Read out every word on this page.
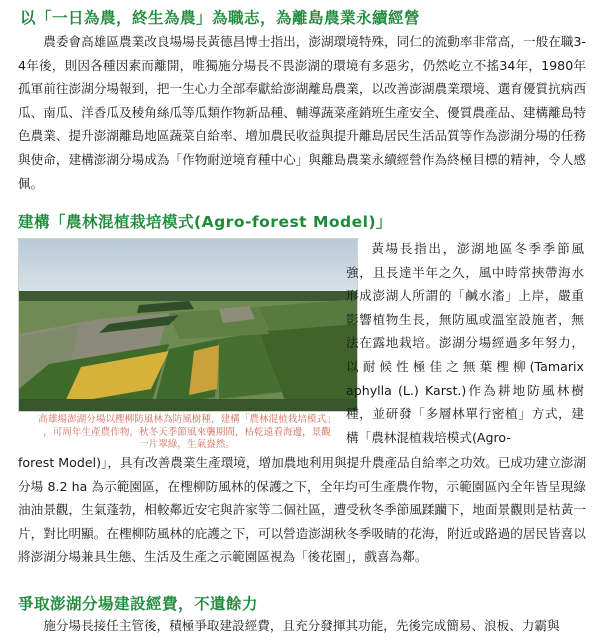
以「一日為農，終生為農」為職志，為離島農業永續經營
農委會高雄區農業改良場場長黃德昌博士指出，澎湖環境特殊，同仁的流動率非常高，一般在職3-4年後，則因各種因素而離開，唯獨施分場長不畏澎湖的環境有多惡劣，仍然屹立不搖34年，1980年孤軍前往澎湖分場報到，把一生心力全部奉獻給澎湖離島農業，以改善澎湖農業環境、選育優質抗病西瓜、南瓜、洋香瓜及稜角絲瓜等瓜類作物新品種、輔導蔬菜產銷班生產安全、優質農產品、建構離島特色農業、提升澎湖離島地區蔬菜自給率、增加農民收益與提升離島居民生活品質等作為澎湖分場的任務與使命，建構澎湖分場成為「作物耐逆境育種中心」與離島農業永續經營作為終極目標的精神，令人感佩。
建構「農林混植栽培模式(Agro-forest Model)」
高雄場澎湖分場以檉柳防風林為防風樹種，建構「農林混植栽培模式」
，可周年生產農作物，秋冬天季節風來襲期間，枯乾遠看海邊，景觀
一片翠綠，生氣盎然。
黃場長指出，澎湖地區冬季季節風強，且長達半年之久，風中時常挾帶海水形成澎湖人所謂的「鹹水滀」上岸，嚴重影響植物生長，無防風或溫室設施者，無法在露地栽培。澎湖分場經過多年努力，以耐候性極佳之無葉檉柳(Tamarix aphylla (L.) Karst.)作為耕地防風林樹種，並研發「多層林單行密植」方式，建構「農林混植栽培模式(Agro-
forest Model)」，具有改善農業生產環境，增加農地利用與提升農產品自給率之功效。已成功建立澎湖分場 8.2 ha 為示範園區，在檉柳防風林的保護之下，全年均可生產農作物，示範園區內全年皆呈現綠油油景觀，生氣蓬勃，相較鄰近安宅與許家等二個社區，遭受秋冬季節風蹂躪下，地面景觀則是枯黃一片，對比明顯。在檉柳防風林的庇護之下，可以營造澎湖秋冬季吸睛的花海，附近或路過的居民皆喜以將澎湖分場兼具生態、生活及生產之示範園區視為「後花園」，戲喜為鄰。
爭取澎湖分場建設經費，不遺餘力
施分場長接任主管後，積極爭取建設經費，且充分發揮其功能，先後完成簡易、浪板、力霸與
